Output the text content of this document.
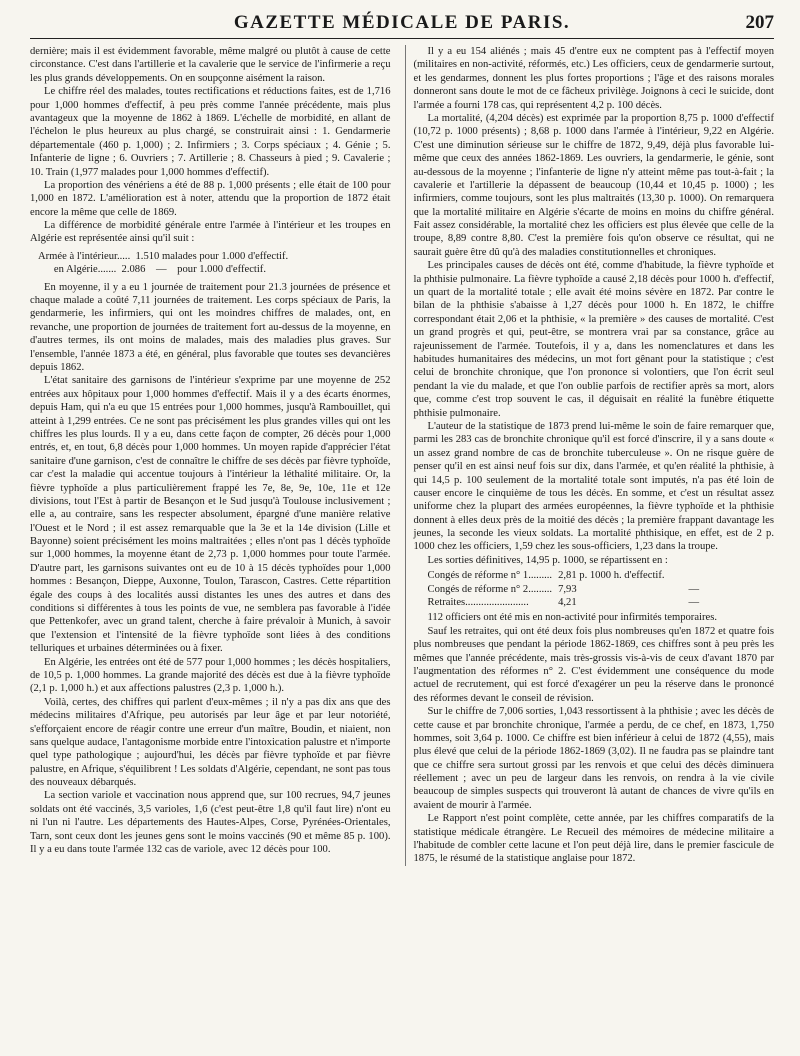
GAZETTE MÉDICALE DE PARIS.	207

dernière; mais il est évidemment favorable, même malgré ou plutôt à cause de cette circonstance. C'est dans l'artillerie et la cavalerie que le service de l'infirmerie a reçu les plus grands développements. On en soupçonne aisément la raison.

Le chiffre réel des malades, toutes rectifications et réductions faites, est de 1,716 pour 1,000 hommes d'effectif, à peu près comme l'année précédente, mais plus avantageux que la moyenne de 1862 à 1869. L'échelle de morbidité, en allant de l'échelon le plus heureux au plus chargé, se construirait ainsi : 1. Gendarmerie départementale (460 p. 1,000) ; 2. Infirmiers ; 3. Corps spéciaux ; 4. Génie ; 5. Infanterie de ligne ; 6. Ouvriers ; 7. Artillerie ; 8. Chasseurs à pied ; 9. Cavalerie ; 10. Train (1,977 malades pour 1,000 hommes d'effectif).

La proportion des vénériens a été de 88 p. 1,000 présents ; elle était de 100 pour 1,000 en 1872. L'amélioration est à noter, attendu que la proportion de 1872 était encore la même que celle de 1869.

La différence de morbidité générale entre l'armée à l'intérieur et les troupes en Algérie est représentée ainsi qu'il suit :

Armée à l'intérieur.....  1.510 malades pour 1.000 d'effectif.
en Algérie.......  2.086    —    pour 1.000 d'effectif.

En moyenne, il y a eu 1 journée de traitement pour 21.3 journées de présence et chaque malade a coûté 7,11 journées de traitement. Les corps spéciaux de Paris, la gendarmerie, les infirmiers, qui ont les moindres chiffres de malades, ont, en revanche, une proportion de journées de traitement fort au-dessus de la moyenne, en d'autres termes, ils ont moins de malades, mais des maladies plus graves. Sur l'ensemble, l'année 1873 a été, en général, plus favorable que toutes ses devancières depuis 1862.

L'état sanitaire des garnisons de l'intérieur s'exprime par une moyenne de 252 entrées aux hôpitaux pour 1,000 hommes d'effectif. Mais il y a des écarts énormes, depuis Ham, qui n'a eu que 15 entrées pour 1,000 hommes, jusqu'à Rambouillet, qui atteint à 1,299 entrées. Ce ne sont pas précisément les plus grandes villes qui ont les chiffres les plus lourds. Il y a eu, dans cette façon de compter, 26 décès pour 1,000 entrés, et, en tout, 6,8 décès pour 1,000 hommes. Un moyen rapide d'apprécier l'état sanitaire d'une garnison, c'est de connaître le chiffre de ses décès par fièvre typhoïde, car c'est la maladie qui accentue toujours à l'intérieur la léthalité militaire. Or, la fièvre typhoïde a plus particulièrement frappé les 7e, 8e, 9e, 10e, 11e et 12e divisions, tout l'Est à partir de Besançon et le Sud jusqu'à Toulouse inclusivement ; elle a, au contraire, sans les respecter absolument, épargné d'une manière relative l'Ouest et le Nord ; il est assez remarquable que la 3e et la 14e division (Lille et Bayonne) soient précisément les moins maltraitées ; elles n'ont pas 1 décès typhoïde sur 1,000 hommes, la moyenne étant de 2,73 p. 1,000 hommes pour toute l'armée. D'autre part, les garnisons suivantes ont eu de 10 à 15 décès typhoïdes pour 1,000 hommes : Besançon, Dieppe, Auxonne, Toulon, Tarascon, Castres. Cette répartition égale des coups à des localités aussi distantes les unes des autres et dans des conditions si différentes à tous les points de vue, ne semblera pas favorable à l'idée que Pettenkofer, avec un grand talent, cherche à faire prévaloir à Munich, à savoir que l'extension et l'intensité de la fièvre typhoïde sont liées à des conditions telluriques et urbaines déterminées ou à fixer.

En Algérie, les entrées ont été de 577 pour 1,000 hommes ; les décès hospitaliers, de 10,5 p. 1,000 hommes. La grande majorité des décès est due à la fièvre typhoïde (2,1 p. 1,000 h.) et aux affections palustres (2,3 p. 1,000 h.).

Voilà, certes, des chiffres qui parlent d'eux-mêmes ; il n'y a pas dix ans que des médecins militaires d'Afrique, peu autorisés par leur âge et par leur notoriété, s'efforçaient encore de réagir contre une erreur d'un maître, Boudin, et niaient, non sans quelque audace, l'antagonisme morbide entre l'intoxication palustre et n'importe quel type pathologique ; aujourd'hui, les décès par fièvre typhoïde et par fièvre palustre, en Afrique, s'équilibrent ! Les soldats d'Algérie, cependant, ne sont pas tous des nouveaux débarqués.

La section variole et vaccination nous apprend que, sur 100 recrues, 94,7 jeunes soldats ont été vaccinés, 3,5 varioles, 1,6 (c'est peut-être 1,8 qu'il faut lire) n'ont eu ni l'un ni l'autre. Les départements des Hautes-Alpes, Corse, Pyrénées-Orientales, Tarn, sont ceux dont les jeunes gens sont le moins vaccinés (90 et même 85 p. 100). Il y a eu dans toute l'armée 132 cas de variole, avec 12 décès pour 100.

Il y a eu 154 aliénés ; mais 45 d'entre eux ne comptent pas à l'effectif moyen (militaires en non-activité, réformés, etc.) Les officiers, ceux de gendarmerie surtout, et les gendarmes, donnent les plus fortes proportions ; l'âge et des raisons morales donneront sans doute le mot de ce fâcheux privilège. Joignons à ceci le suicide, dont l'armée a fourni 178 cas, qui représentent 4,2 p. 100 décès.

La mortalité, (4,204 décès) est exprimée par la proportion 8,75 p. 1000 d'effectif (10,72 p. 1000 présents) ; 8,68 p. 1000 dans l'armée à l'intérieur, 9,22 en Algérie. C'est une diminution sérieuse sur le chiffre de 1872, 9,49, déjà plus favorable lui-même que ceux des années 1862-1869. Les ouvriers, la gendarmerie, le génie, sont au-dessous de la moyenne ; l'infanterie de ligne n'y atteint même pas tout-à-fait ; la cavalerie et l'artillerie la dépassent de beaucoup (10,44 et 10,45 p. 1000) ; les infirmiers, comme toujours, sont les plus maltraités (13,30 p. 1000). On remarquera que la mortalité militaire en Algérie s'écarte de moins en moins du chiffre général. Fait assez considérable, la mortalité chez les officiers est plus élevée que celle de la troupe, 8,89 contre 8,80. C'est la première fois qu'on observe ce résultat, qui ne saurait guère être dû qu'à des maladies constitutionnelles et chroniques.

Les principales causes de décès ont été, comme d'habitude, la fièvre typhoïde et la phthisie pulmonaire. La fièvre typhoïde a causé 2,18 décès pour 1000 h. d'effectif, un quart de la mortalité totale ; elle avait été moins sévère en 1872. Par contre le bilan de la phthisie s'abaisse à 1,27 décès pour 1000 h. En 1872, le chiffre correspondant était 2,06 et la phthisie, « la première » des causes de mortalité. C'est un grand progrès et qui, peut-être, se montrera vrai par sa constance, grâce au rajeunissement de l'armée. Toutefois, il y a, dans les nomenclatures et dans les habitudes humanitaires des médecins, un mot fort gênant pour la statistique ; c'est celui de bronchite chronique, que l'on prononce si volontiers, que l'on écrit seul pendant la vie du malade, et que l'on oublie parfois de rectifier après sa mort, alors que, comme c'est trop souvent le cas, il déguisait en réalité la funèbre étiquette phthisie pulmonaire.

L'auteur de la statistique de 1873 prend lui-même le soin de faire remarquer que, parmi les 283 cas de bronchite chronique qu'il est forcé d'inscrire, il y a sans doute « un assez grand nombre de cas de bronchite tuberculeuse ». On ne risque guère de penser qu'il en est ainsi neuf fois sur dix, dans l'armée, et qu'en réalité la phthisie, à qui 14,5 p. 100 seulement de la mortalité totale sont imputés, n'a pas été loin de causer encore le cinquième de tous les décès. En somme, et c'est un résultat assez uniforme chez la plupart des armées européennes, la fièvre typhoïde et la phthisie donnent à elles deux près de la moitié des décès ; la première frappant davantage les jeunes, la seconde les vieux soldats. La mortalité phthisique, en effet, est de 2 p. 1000 chez les officiers, 1,59 chez les sous-officiers, 1,23 dans la troupe.

Les sorties définitives, 14,95 p. 1000, se répartissent en :

Congés de réforme n° 1.........	2,81 p. 1000 h. d'effectif.	
Congés de réforme n° 2.........	7,93	—
Retraites........................	4,21	—

112 officiers ont été mis en non-activité pour infirmités temporaires.

Sauf les retraites, qui ont été deux fois plus nombreuses qu'en 1872 et quatre fois plus nombreuses que pendant la période 1862-1869, ces chiffres sont à peu près les mêmes que l'année précédente, mais très-grossis vis-à-vis de ceux d'avant 1870 par l'augmentation des réformes n° 2. C'est évidemment une conséquence du mode actuel de recrutement, qui est forcé d'exagérer un peu la réserve dans le prononcé des réformes devant le conseil de révision.

Sur le chiffre de 7,006 sorties, 1,043 ressortissent à la phthisie ; avec les décès de cette cause et par bronchite chronique, l'armée a perdu, de ce chef, en 1873, 1,750 hommes, soit 3,64 p. 1000. Ce chiffre est bien inférieur à celui de 1872 (4,55), mais plus élevé que celui de la période 1862-1869 (3,02). Il ne faudra pas se plaindre tant que ce chiffre sera surtout grossi par les renvois et que celui des décès diminuera réellement ; avec un peu de largeur dans les renvois, on rendra à la vie civile beaucoup de simples suspects qui trouveront là autant de chances de vivre qu'ils en avaient de mourir à l'armée.

Le Rapport n'est point complète, cette année, par les chiffres comparatifs de la statistique médicale étrangère. Le Recueil des mémoires de médecine militaire a l'habitude de combler cette lacune et l'on peut déjà lire, dans le premier fascicule de 1875, le résumé de la statistique anglaise pour 1872.
